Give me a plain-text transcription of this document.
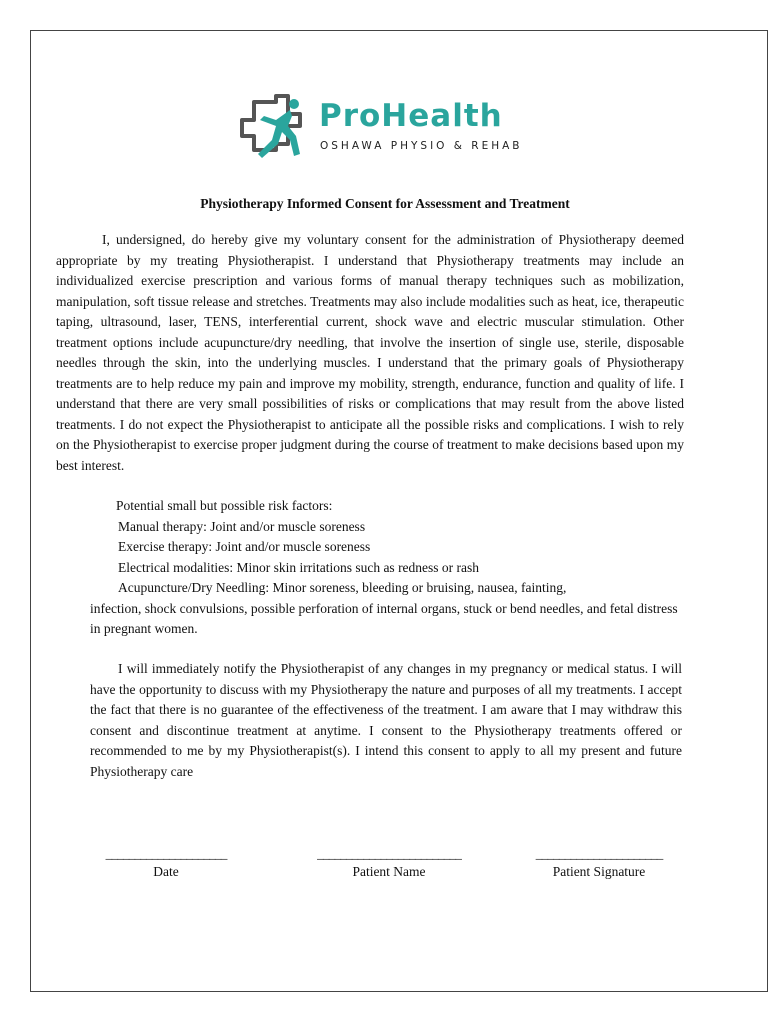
ProHealth
OSHAWA PHYSIO & REHAB
Physiotherapy Informed Consent for Assessment and Treatment
I, undersigned, do hereby give my voluntary consent for the administration of Physiotherapy deemed appropriate by my treating Physiotherapist. I understand that Physiotherapy treatments may include an individualized exercise prescription and various forms of manual therapy techniques such as mobilization, manipulation, soft tissue release and stretches. Treatments may also include modalities such as heat, ice, therapeutic taping, ultrasound, laser, TENS, interferential current, shock wave and electric muscular stimulation. Other treatment options include acupuncture/dry needling, that involve the insertion of single use, sterile, disposable needles through the skin, into the underlying muscles. I understand that the primary goals of Physiotherapy treatments are to help reduce my pain and improve my mobility, strength, endurance, function and quality of life. I understand that there are very small possibilities of risks or complications that may result from the above listed treatments. I do not expect the Physiotherapist to anticipate all the possible risks and complications. I wish to rely on the Physiotherapist to exercise proper judgment during the course of treatment to make decisions based upon my best interest.
Potential small but possible risk factors:
Manual therapy: Joint and/or muscle soreness
Exercise therapy: Joint and/or muscle soreness
Electrical modalities: Minor skin irritations such as redness or rash
Acupuncture/Dry Needling: Minor soreness, bleeding or bruising, nausea, fainting,
infection, shock convulsions, possible perforation of internal organs, stuck or bend needles, and fetal distress in pregnant women.
I will immediately notify the Physiotherapist of any changes in my pregnancy or medical status. I will have the opportunity to discuss with my Physiotherapy the nature and purposes of all my treatments. I accept the fact that there is no guarantee of the effectiveness of the treatment. I am aware that I may withdraw this consent and discontinue treatment at anytime. I consent to the Physiotherapy treatments offered or recommended to me by my Physiotherapist(s). I intend this consent to apply to all my present and future Physiotherapy care
_____________________
Date
_________________________
Patient Name
______________________
Patient Signature
